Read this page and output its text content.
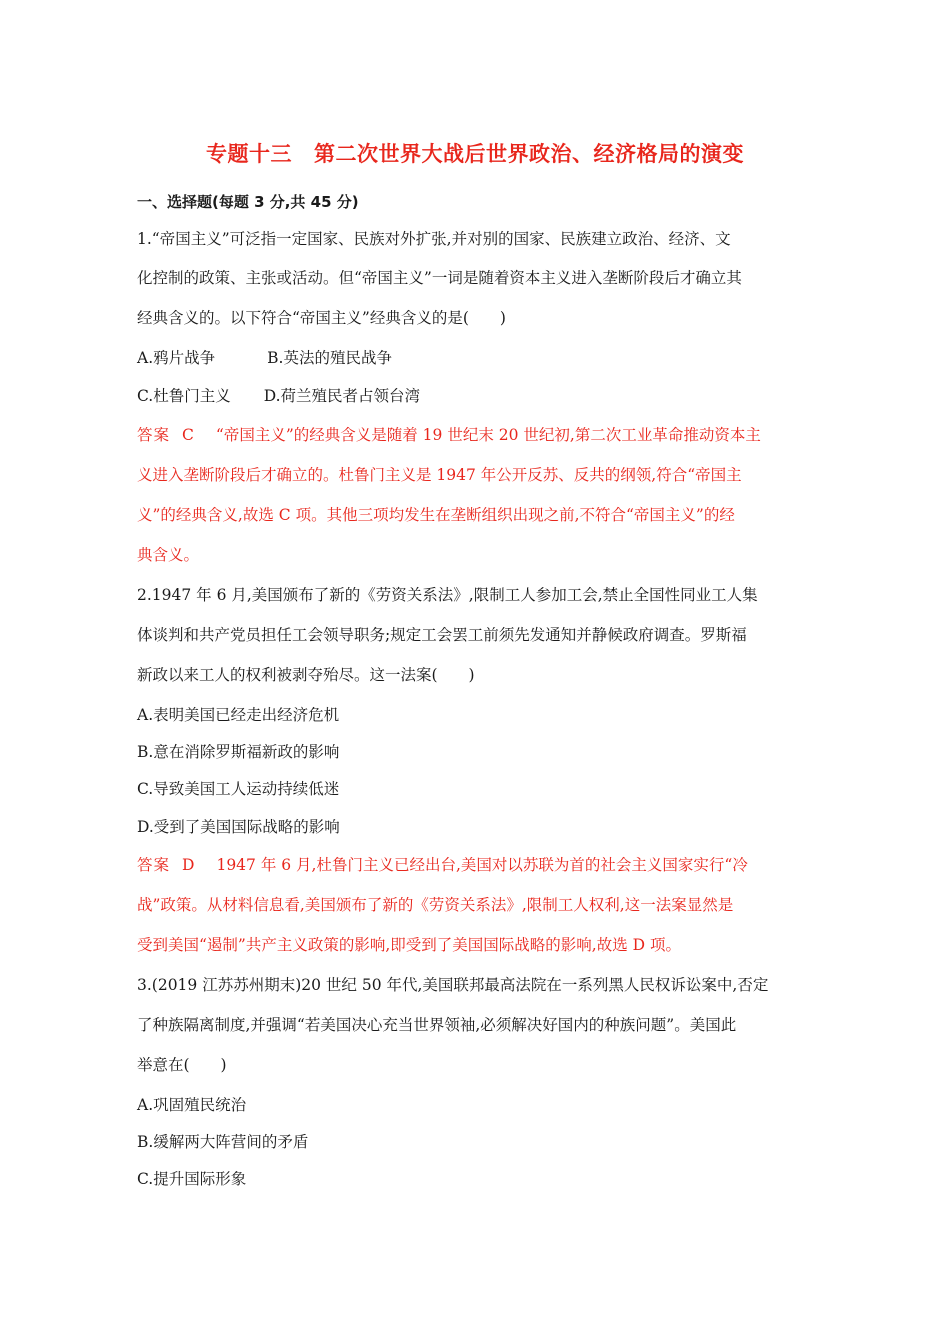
专题十三 第二次世界大战后世界政治、经济格局的演变
一、选择题(每题 3 分,共 45 分)
1.“帝国主义”可泛指一定国家、民族对外扩张,并对别的国家、民族建立政治、经济、文
化控制的政策、主张或活动。但“帝国主义”一词是随着资本主义进入垄断阶段后才确立其
经典含义的。以下符合“帝国主义”经典含义的是(　　)
A.鸦片战争	B.英法的殖民战争
C.杜鲁门主义 D.荷兰殖民者占领台湾
答案 C “帝国主义”的经典含义是随着 19 世纪末 20 世纪初,第二次工业革命推动资本主
义进入垄断阶段后才确立的。杜鲁门主义是 1947 年公开反苏、反共的纲领,符合“帝国主
义”的经典含义,故选 C 项。其他三项均发生在垄断组织出现之前,不符合“帝国主义”的经
典含义。
2.1947 年 6 月,美国颁布了新的《劳资关系法》,限制工人参加工会,禁止全国性同业工人集
体谈判和共产党员担任工会领导职务;规定工会罢工前须先发通知并静候政府调查。罗斯福
新政以来工人的权利被剥夺殆尽。这一法案(　　)
A.表明美国已经走出经济危机
B.意在消除罗斯福新政的影响
C.导致美国工人运动持续低迷
D.受到了美国国际战略的影响
答案 D 1947 年 6 月,杜鲁门主义已经出台,美国对以苏联为首的社会主义国家实行“冷
战”政策。从材料信息看,美国颁布了新的《劳资关系法》,限制工人权利,这一法案显然是
受到美国“遏制”共产主义政策的影响,即受到了美国国际战略的影响,故选 D 项。
3.(2019 江苏苏州期末)20 世纪 50 年代,美国联邦最高法院在一系列黑人民权诉讼案中,否定
了种族隔离制度,并强调“若美国决心充当世界领袖,必须解决好国内的种族问题”。美国此
举意在(　　)
A.巩固殖民统治
B.缓解两大阵营间的矛盾
C.提升国际形象
